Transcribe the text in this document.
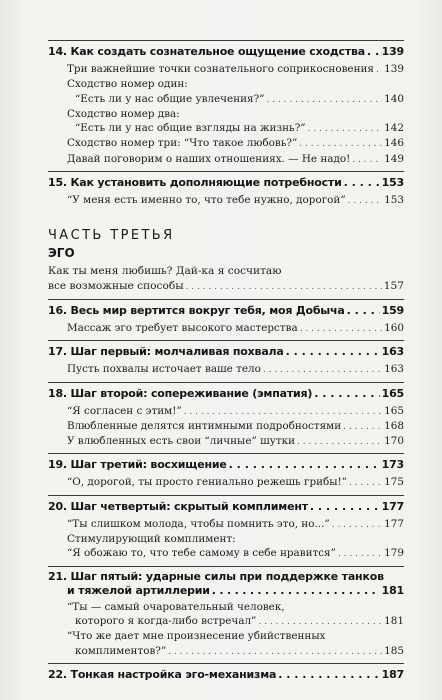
14. Как создать сознательное ощущение сходства . . . 139
Три важнейшие точки сознательного соприкосновения . . . 139
Сходство номер один:
“Есть ли у нас общие увлечения?” . . .	140
Сходство номер два:
“Есть ли у нас общие взгляды на жизнь?” . . .	142
Сходство номер три: “Что такое любовь?” . . .	146
Давай поговорим о наших отношениях. — Не надо! . . .	149
15. Как установить дополняющие потребности . . .	153
“У меня есть именно то, что тебе нужно, дорогой” . . .	153
ЧАСТЬ ТРЕТЬЯ
ЭГО
Как ты меня любишь? Дай-ка я сосчитаю
все возможные способы . . .	157
16. Весь мир вертится вокруг тебя, моя Добыча . . .	159
Массаж эго требует высокого мастерства . . .	160
17. Шаг первый: молчаливая похвала . . .	163
Пусть похвалы источает ваше тело . . .	163
18. Шаг второй: сопереживание (эмпатия) . . .	165
“Я согласен с этим!” . . .	165
Влюбленные делятся интимными подробностями . . .	168
У влюбленных есть свои “личные” шутки . . .	170
19. Шаг третий: восхищение . . .	173
“О, дорогой, ты просто гениально режешь грибы!” . . .	175
20. Шаг четвертый: скрытый комплимент . . .	177
“Ты слишком молода, чтобы помнить это, но...” . . .	177
Стимулирующий комплимент:
“Я обожаю то, что тебе самому в себе нравится” . . .	179
21. Шаг пятый: ударные силы при поддержке танков
и тяжелой артиллерии . . .	181
“Ты — самый очаровательный человек,
которого я когда-либо встречал” . . .	181
“Что же дает мне произнесение убийственных
комплиментов?” . . .	185
22. Тонкая настройка эго-механизма . . .	187
